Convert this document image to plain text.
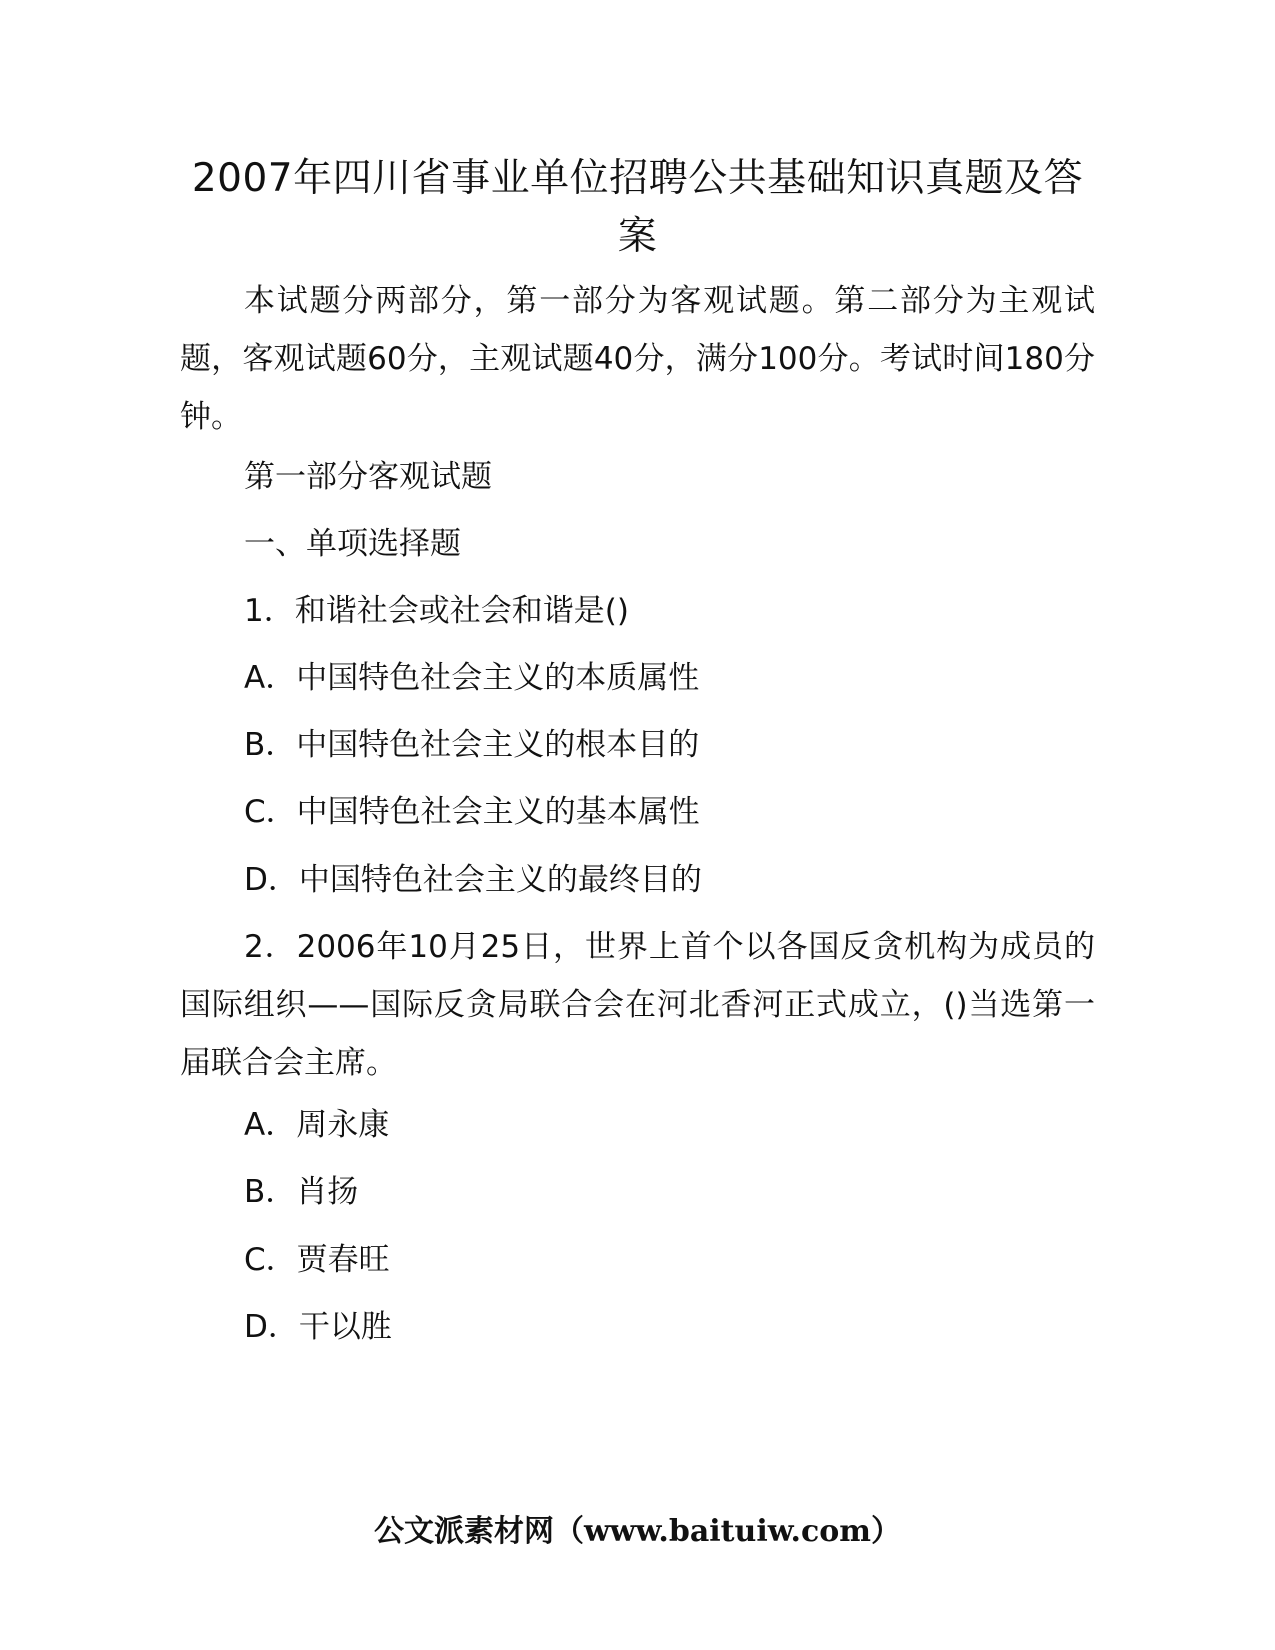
2007年四川省事业单位招聘公共基础知识真题及答案

本试题分两部分，第一部分为客观试题。第二部分为主观试题，客观试题60分，主观试题40分，满分100分。考试时间180分钟。

第一部分客观试题

一、单项选择题

1．和谐社会或社会和谐是()

A．中国特色社会主义的本质属性

B．中国特色社会主义的根本目的

C．中国特色社会主义的基本属性

D．中国特色社会主义的最终目的

2．2006年10月25日，世界上首个以各国反贪机构为成员的国际组织——国际反贪局联合会在河北香河正式成立，()当选第一届联合会主席。

A．周永康

B．肖扬

C．贾春旺

D．干以胜

公文派素材网（www.baituiw.com）
